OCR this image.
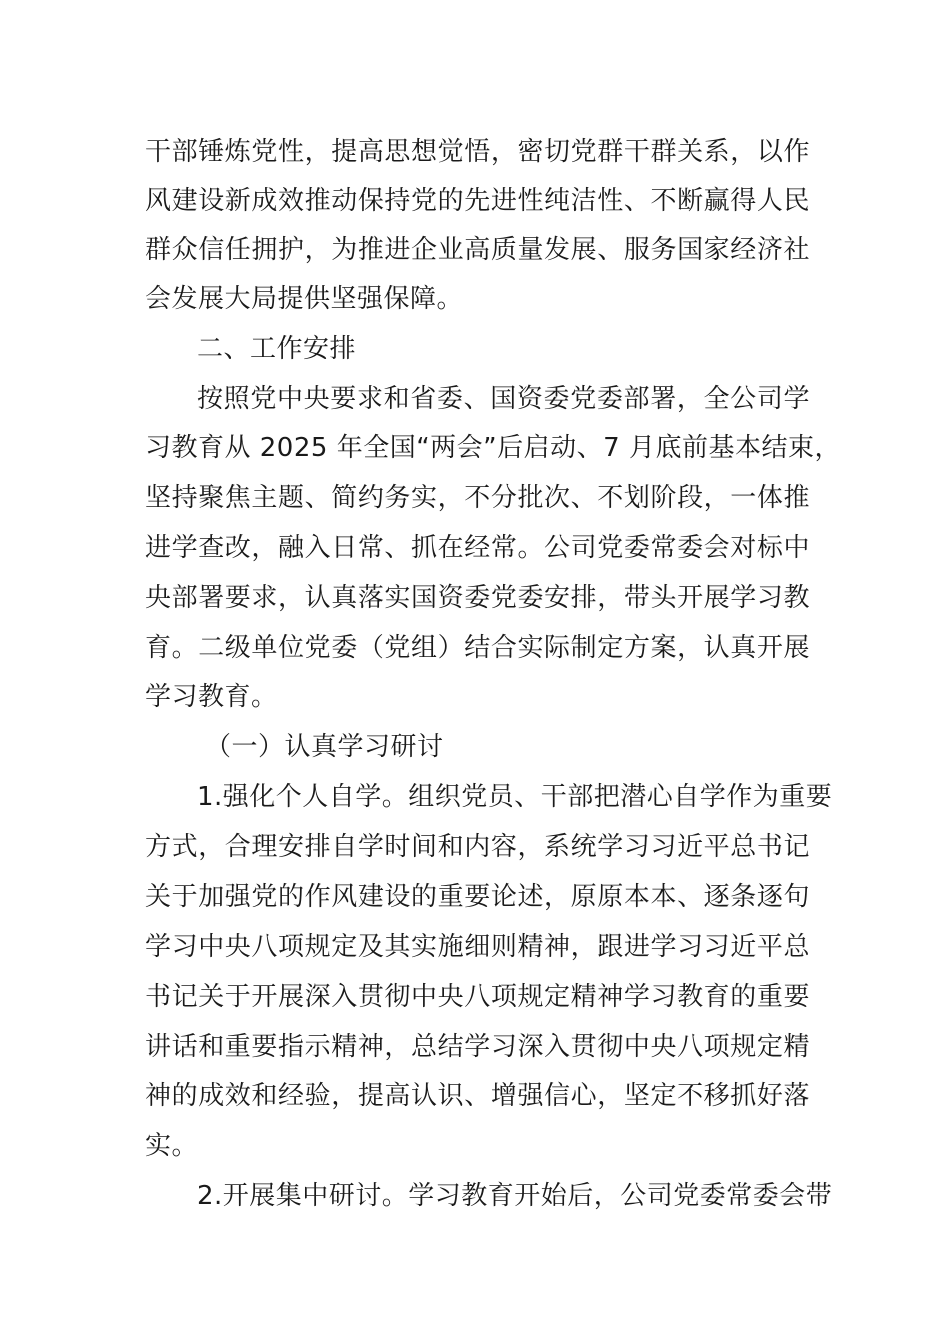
干部锤炼党性，提高思想觉悟，密切党群干群关系，以作
风建设新成效推动保持党的先进性纯洁性、不断赢得人民
群众信任拥护，为推进企业高质量发展、服务国家经济社
会发展大局提供坚强保障。
二、工作安排
按照党中央要求和省委、国资委党委部署，全公司学
习教育从 2025 年全国“两会”后启动、7 月底前基本结束，
坚持聚焦主题、简约务实，不分批次、不划阶段，一体推
进学查改，融入日常、抓在经常。公司党委常委会对标中
央部署要求，认真落实国资委党委安排，带头开展学习教
育。二级单位党委（党组）结合实际制定方案，认真开展
学习教育。
（一）认真学习研讨
1.强化个人自学。组织党员、干部把潜心自学作为重要
方式，合理安排自学时间和内容，系统学习习近平总书记
关于加强党的作风建设的重要论述，原原本本、逐条逐句
学习中央八项规定及其实施细则精神，跟进学习习近平总
书记关于开展深入贯彻中央八项规定精神学习教育的重要
讲话和重要指示精神，总结学习深入贯彻中央八项规定精
神的成效和经验，提高认识、增强信心，坚定不移抓好落
实。
2.开展集中研讨。学习教育开始后，公司党委常委会带
